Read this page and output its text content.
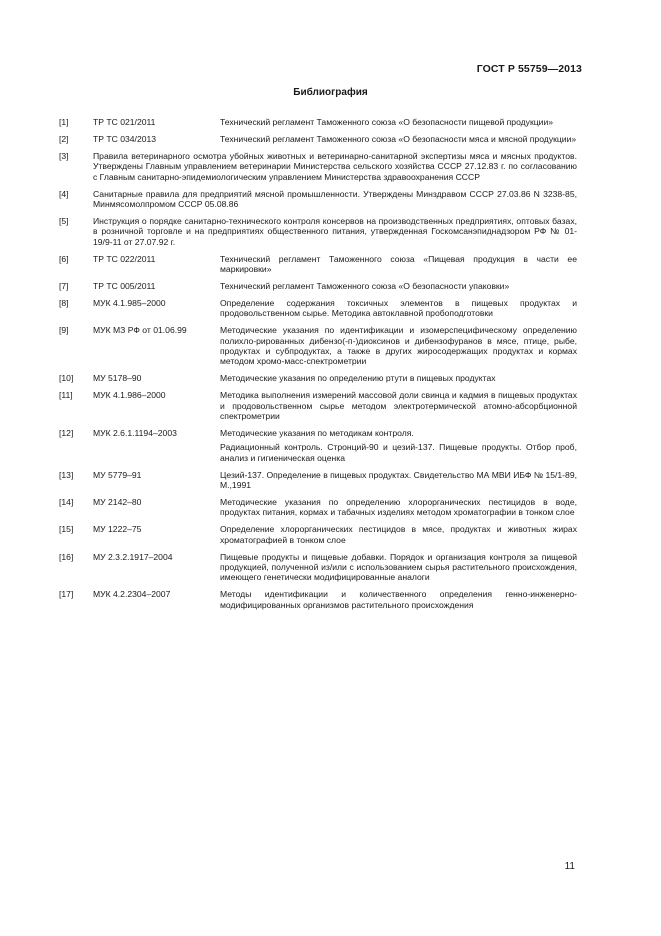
ГОСТ Р 55759—2013
Библиография
[1]	ТР ТС 021/2011	Технический регламент Таможенного союза «О безопасности пищевой продукции»

[2]	ТР ТС 034/2013	Технический регламент Таможенного союза «О безопасности мяса и мясной продукции»

[3]	Правила ветеринарного осмотра убойных животных и ветеринарно-санитарной экспертизы мяса и мясных продуктов. Утверждены Главным управлением ветеринарии Министерства сельского хозяйства СССР 27.12.83 г. по согласованию с Главным санитарно-эпидемиологическим управлением Министерства здравоохранения СССР

[4]	Санитарные правила для предприятий мясной промышленности. Утверждены Минздравом СССР 27.03.86 N 3238-85, Минмясомолпромом СССР 05.08.86

[5]	Инструкция о порядке санитарно-технического контроля консервов на производственных предприятиях, оптовых базах, в розничной торговле и на предприятиях общественного питания, утвержденная Госкомсанэпиднадзором РФ № 01-19/9-11 от 27.07.92 г.

[6]	ТР ТС 022/2011	Технический регламент Таможенного союза «Пищевая продукция в части ее маркировки»

[7]	ТР ТС 005/2011	Технический регламент Таможенного союза «О безопасности упаковки»

[8]	МУК 4.1.985–2000	Определение содержания токсичных элементов в пищевых продуктах и продовольственном сырье. Методика автоклавной пробоподготовки

[9]	МУК МЗ РФ от 01.06.99	Методические указания по идентификации и изомерспецифическому определению полихло-рированных дибензо(-п-)диоксинов и дибензофуранов в мясе, птице, рыбе, продуктах и субпродуктах, а также в других жиросодержащих продуктах и кормах методом хромо-масс-спектрометрии

[10] МУ 5178–90	Методические указания по определению ртути в пищевых продуктах

[11] МУК 4.1.986–2000	Методика выполнения измерений массовой доли свинца и кадмия в пищевых продуктах и продовольственном сырье методом электротермической атомно-абсорбционной спектрометрии

[12] МУК 2.6.1.1194–2003	Методические указания по методикам контроля.

Радиационный контроль. Стронций-90 и цезий-137. Пищевые продукты. Отбор проб, анализ и гигиеническая оценка

[13] МУ 5779–91	Цезий-137. Определение в пищевых продуктах. Свидетельство МА МВИ ИБФ № 15/1-89, М.,1991

[14] МУ 2142–80	Методические указания по определению хлорорганических пестицидов в воде, продуктах питания, кормах и табачных изделиях методом хроматографии в тонком слое

[15] МУ 1222–75	Определение хлорорганических пестицидов в мясе, продуктах и животных жирах хроматографией в тонком слое

[16] МУ 2.3.2.1917–2004	Пищевые продукты и пищевые добавки. Порядок и организация контроля за пищевой продукцией, полученной из/или с использованием сырья растительного происхождения, имеющего генетически модифицированные аналоги

[17] МУК 4.2.2304–2007	Методы идентификации и количественного определения генно-инженерно-модифицированных организмов растительного происхождения

11
